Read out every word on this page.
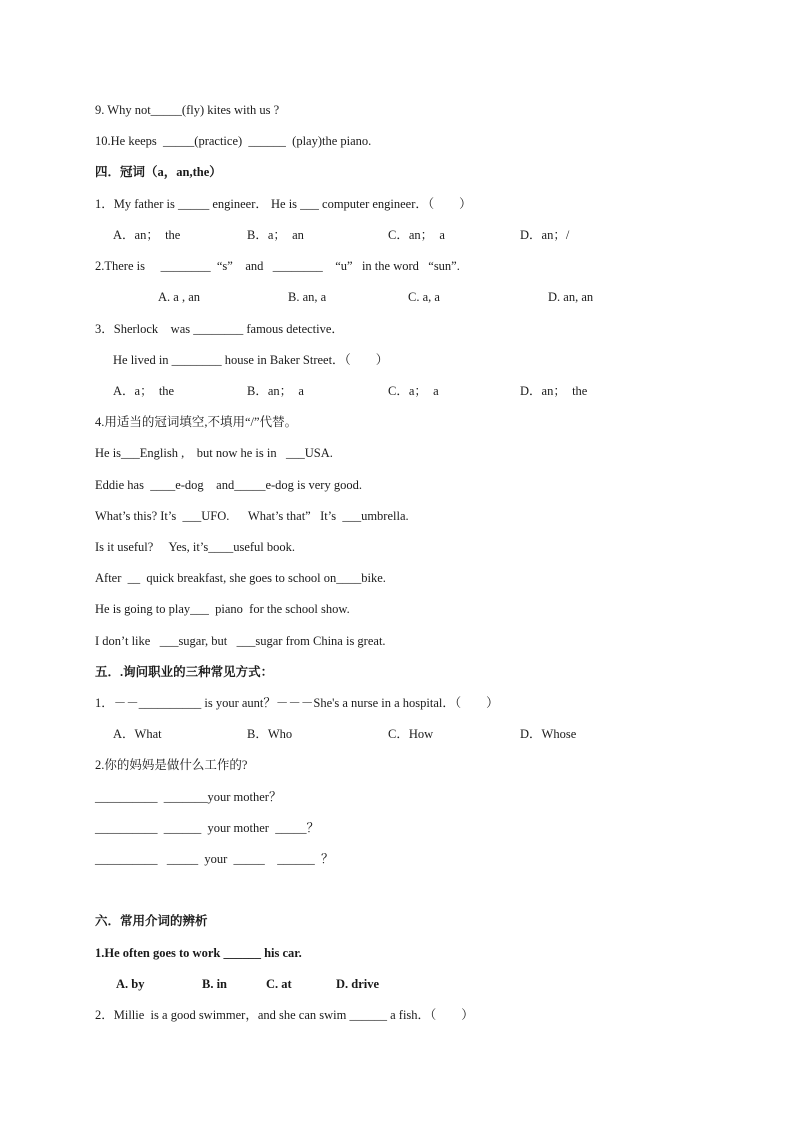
9. Why not_____(fly) kites with us ?
10.He keeps  _____(practice)  ______  (play)the piano.
四．冠词（a，an,the）
1．My father is _____ engineer． He is ___ computer engineer．（        ）
A．an；  the	B．a；  an	C．an；  a	D．an；/
2.There is     ________  “s”    and   ________    “u”   in the word   “sun”.
A. a , an	B. an, a	C. a, a	D. an, an
3．Sherlock    was ________ famous detective．
He lived in ________ house in Baker Street．（        ）
A．a；  the	B．an；  a	C．a；  a	D．an；  the
4.用适当的冠词填空,不填用“/”代替。
He is___English ,    but now he is in   ___USA.
Eddie has  ____e-dog    and_____e-dog is very good.
What’s this? It’s  ___UFO.      What’s that”   It’s  ___umbrella.
Is it useful?     Yes, it’s____useful book.
After  __  quick breakfast, she goes to school on____bike.
He is going to play___  piano  for the school show.
I don’t like   ___sugar, but   ___sugar from China is great.
五．.询问职业的三种常见方式：
1．－－__________ is your aunt？－－－She's a nurse in a hospital．（        ）
A．What	B．Who	C．How	D．Whose
2.你的妈妈是做什么工作的?
__________  _______your mother？
__________  ______  your mother  _____？
__________   _____  your  _____    ______  ？
六．常用介词的辨析
1.He often goes to work ______ his car.
A. by	B. in	C. at	D. drive
2．Millie  is a good swimmer，and she can swim ______ a fish．（        ）
